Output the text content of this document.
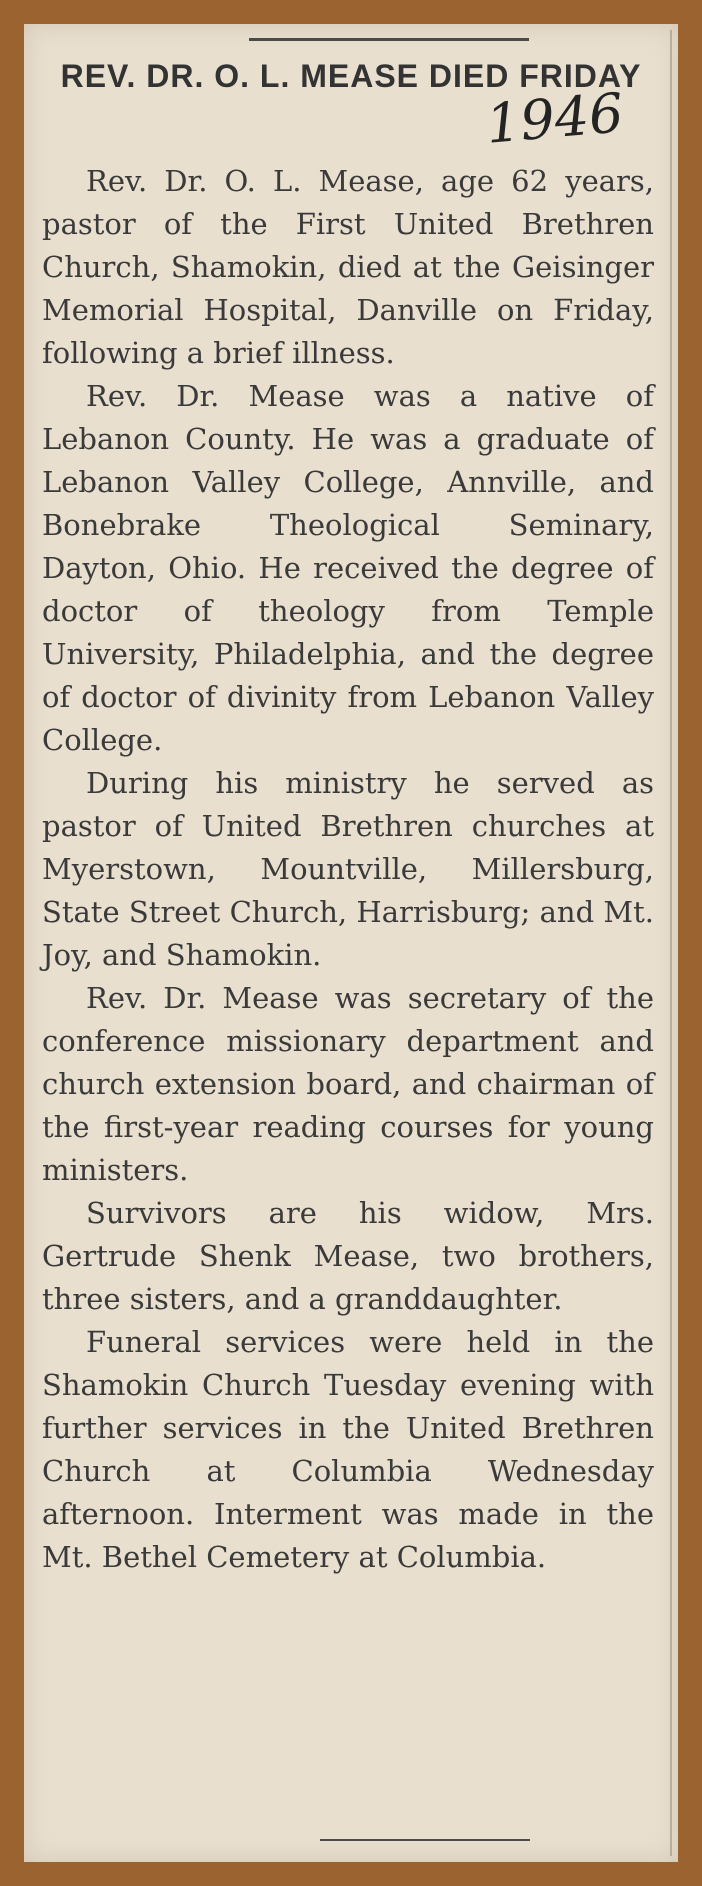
REV. DR. O. L. MEASE DIED FRIDAY
1946

Rev. Dr. O. L. Mease, age 62 years, pastor of the First United Brethren Church, Shamokin, died at the Geisinger Memorial Hospital, Danville on Friday, following a brief illness.

Rev. Dr. Mease was a native of Lebanon County. He was a graduate of Lebanon Valley College, Annville, and Bonebrake Theological Seminary, Dayton, Ohio. He received the degree of doctor of theology from Temple University, Philadelphia, and the degree of doctor of divinity from Lebanon Valley College.

During his ministry he served as pastor of United Brethren churches at Myerstown, Mountville, Millersburg, State Street Church, Harrisburg; and Mt. Joy, and Shamokin.

Rev. Dr. Mease was secretary of the conference missionary department and church extension board, and chairman of the first-year reading courses for young ministers.

Survivors are his widow, Mrs. Gertrude Shenk Mease, two brothers, three sisters, and a granddaughter.

Funeral services were held in the Shamokin Church Tuesday evening with further services in the United Brethren Church at Columbia Wednesday afternoon. Interment was made in the Mt. Bethel Cemetery at Columbia.
